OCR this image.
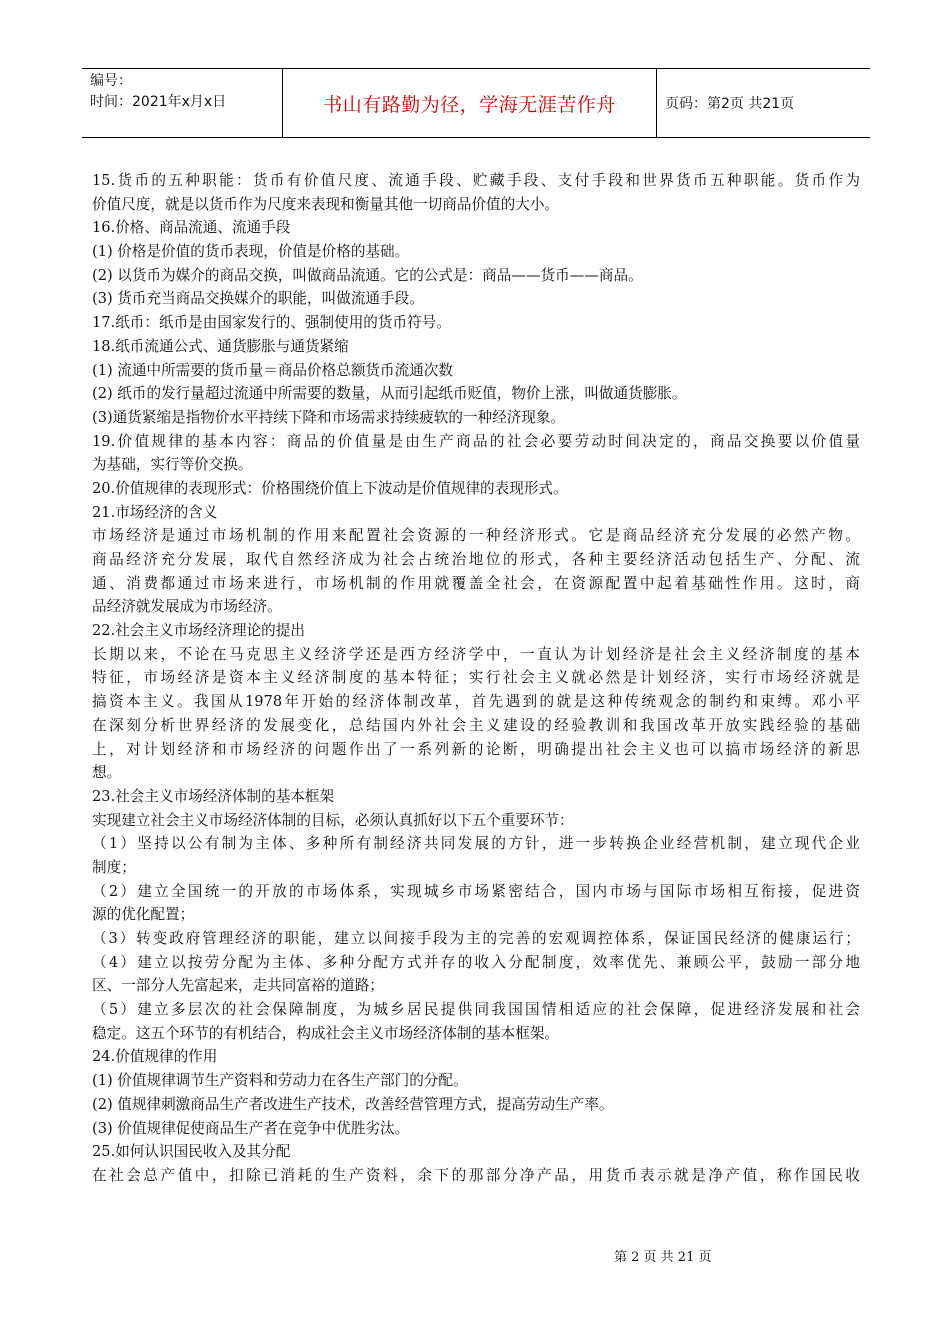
编号：
时间：2021年x月x日	书山有路勤为径，学海无涯苦作舟	页码：第2页 共21页
15.货币的五种职能：货币有价值尺度、流通手段、贮藏手段、支付手段和世界货币五种职能。货币作为
价值尺度，就是以货币作为尺度来表现和衡量其他一切商品价值的大小。
16.价格、商品流通、流通手段
(1) 价格是价值的货币表现，价值是价格的基础。
(2) 以货币为媒介的商品交换，叫做商品流通。它的公式是：商品——货币——商品。
(3) 货币充当商品交换媒介的职能，叫做流通手段。
17.纸币：纸币是由国家发行的、强制使用的货币符号。
18.纸币流通公式、通货膨胀与通货紧缩
(1) 流通中所需要的货币量＝商品价格总额货币流通次数
(2) 纸币的发行量超过流通中所需要的数量，从而引起纸币贬值，物价上涨，叫做通货膨胀。
(3)通货紧缩是指物价水平持续下降和市场需求持续疲软的一种经济现象。
19.价值规律的基本内容：商品的价值量是由生产商品的社会必要劳动时间决定的，商品交换要以价值量
为基础，实行等价交换。
20.价值规律的表现形式：价格围绕价值上下波动是价值规律的表现形式。
21.市场经济的含义
市场经济是通过市场机制的作用来配置社会资源的一种经济形式。它是商品经济充分发展的必然产物。
商品经济充分发展，取代自然经济成为社会占统治地位的形式，各种主要经济活动包括生产、分配、流
通、消费都通过市场来进行，市场机制的作用就覆盖全社会，在资源配置中起着基础性作用。这时，商
品经济就发展成为市场经济。
22.社会主义市场经济理论的提出
长期以来，不论在马克思主义经济学还是西方经济学中，一直认为计划经济是社会主义经济制度的基本
特征，市场经济是资本主义经济制度的基本特征；实行社会主义就必然是计划经济，实行市场经济就是
搞资本主义。我国从1978年开始的经济体制改革，首先遇到的就是这种传统观念的制约和束缚。邓小平
在深刻分析世界经济的发展变化，总结国内外社会主义建设的经验教训和我国改革开放实践经验的基础
上，对计划经济和市场经济的问题作出了一系列新的论断，明确提出社会主义也可以搞市场经济的新思
想。
23.社会主义市场经济体制的基本框架
实现建立社会主义市场经济体制的目标，必须认真抓好以下五个重要环节：
（1）坚持以公有制为主体、多种所有制经济共同发展的方针，进一步转换企业经营机制，建立现代企业
制度；
（2）建立全国统一的开放的市场体系，实现城乡市场紧密结合，国内市场与国际市场相互衔接，促进资
源的优化配置；
（3）转变政府管理经济的职能，建立以间接手段为主的完善的宏观调控体系，保证国民经济的健康运行；
（4）建立以按劳分配为主体、多种分配方式并存的收入分配制度，效率优先、兼顾公平，鼓励一部分地
区、一部分人先富起来，走共同富裕的道路；
（5）建立多层次的社会保障制度，为城乡居民提供同我国国情相适应的社会保障，促进经济发展和社会
稳定。这五个环节的有机结合，构成社会主义市场经济体制的基本框架。
24.价值规律的作用
(1) 价值规律调节生产资料和劳动力在各生产部门的分配。
(2) 值规律刺激商品生产者改进生产技术，改善经营管理方式，提高劳动生产率。
(3) 价值规律促使商品生产者在竞争中优胜劣汰。
25.如何认识国民收入及其分配
在社会总产值中，扣除已消耗的生产资料，余下的那部分净产品，用货币表示就是净产值，称作国民收
第 2 页 共 21 页
